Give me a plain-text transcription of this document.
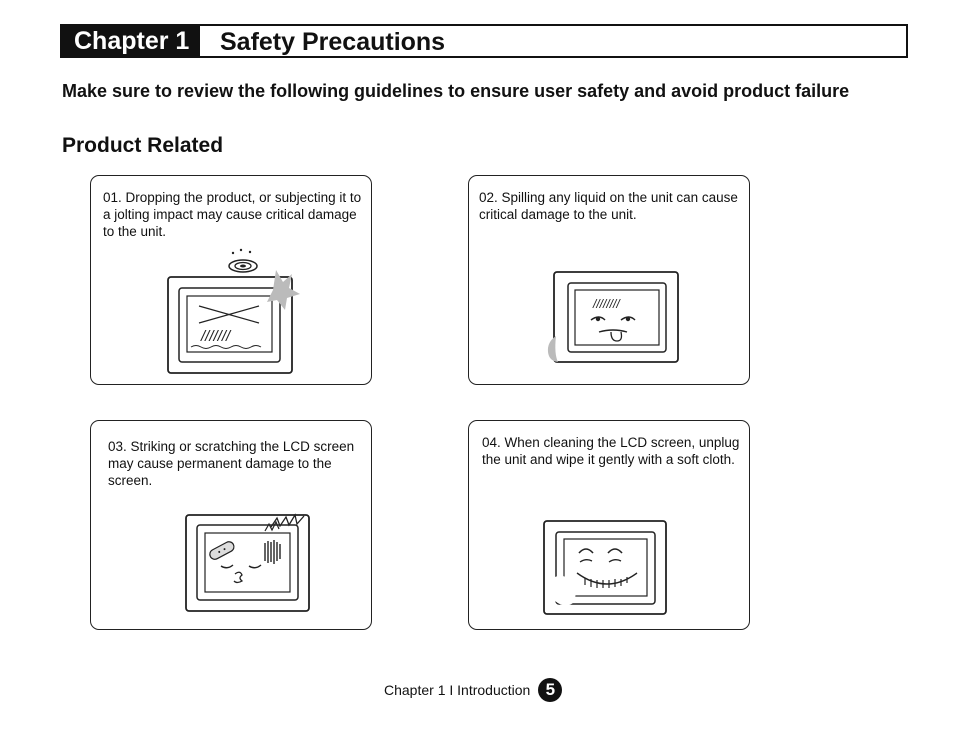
Chapter 1	Safety Precautions
Make sure to review the following guidelines to ensure user safety and avoid product failure
Product Related
01. Dropping the product, or subjecting it to a jolting impact may cause critical damage to the unit.
///////
02. Spilling any liquid on the unit can cause critical damage to the unit.
////////
03. Striking or scratching the LCD screen may cause permanent damage to the screen.
04. When cleaning the LCD screen, unplug the unit and wipe it gently with a soft cloth.
Chapter 1 I Introduction 5
